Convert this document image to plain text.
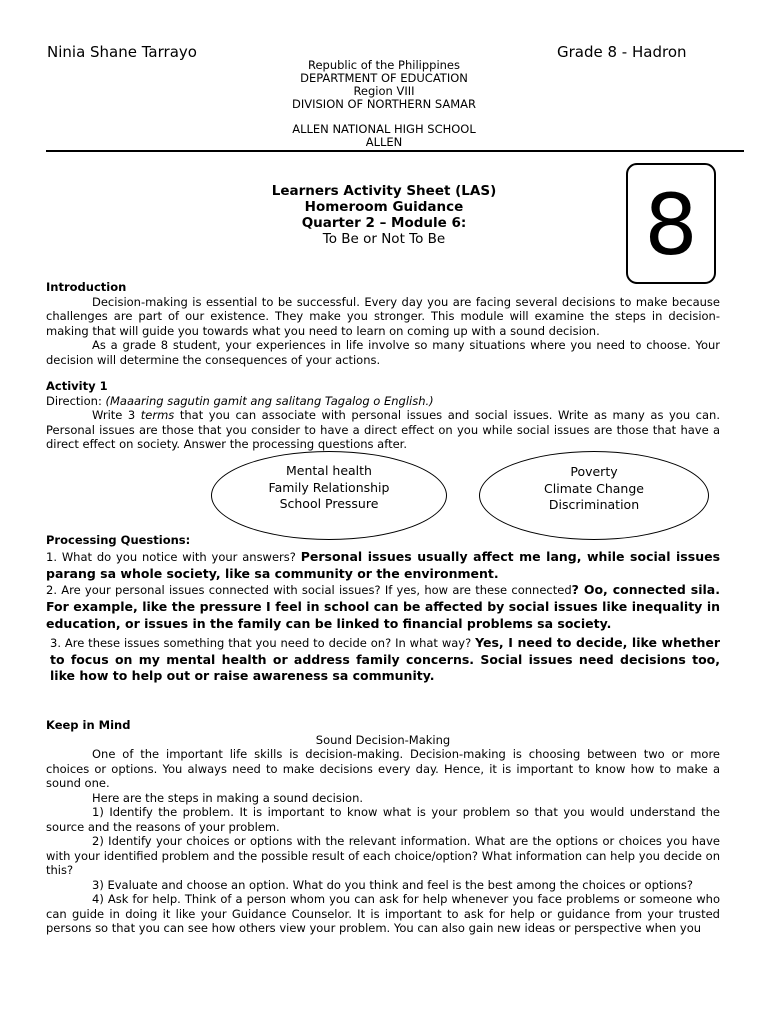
Ninia Shane Tarrayo	Grade 8 - Hadron
Republic of the Philippines
DEPARTMENT OF EDUCATION
Region VIII
DIVISION OF NORTHERN SAMAR
ALLEN NATIONAL HIGH SCHOOL
ALLEN
Learners Activity Sheet (LAS)
Homeroom Guidance
Quarter 2 – Module 6:
To Be or Not To Be	8

Introduction

Decision-making is essential to be successful. Every day you are facing several decisions to make because challenges are part of our existence. They make you stronger. This module will examine the steps in decision-making that will guide you towards what you need to learn on coming up with a sound decision.

As a grade 8 student, your experiences in life involve so many situations where you need to choose. Your decision will determine the consequences of your actions.

Activity 1

Direction: (Maaaring sagutin gamit ang salitang Tagalog o English.)

Write 3 terms that you can associate with personal issues and social issues. Write as many as you can. Personal issues are those that you consider to have a direct effect on you while social issues are those that have a direct effect on society. Answer the processing questions after.

Mental health
Family Relationship
School Pressure
Poverty
Climate Change
Discrimination

Processing Questions:

1. What do you notice with your answers? Personal issues usually affect me lang, while social issues parang sa whole society, like sa community or the environment.

2. Are your personal issues connected with social issues? If yes, how are these connected? Oo, connected sila. For example, like the pressure I feel in school can be affected by social issues like inequality in education, or issues in the family can be linked to financial problems sa society.

3. Are these issues something that you need to decide on? In what way? Yes, I need to decide, like whether to focus on my mental health or address family concerns. Social issues need decisions too, like how to help out or raise awareness sa community.

Keep in Mind

Sound Decision-Making

One of the important life skills is decision-making. Decision-making is choosing between two or more choices or options. You always need to make decisions every day. Hence, it is important to know how to make a sound one.

Here are the steps in making a sound decision.

1) Identify the problem. It is important to know what is your problem so that you would understand the source and the reasons of your problem.

2) Identify your choices or options with the relevant information. What are the options or choices you have with your identified problem and the possible result of each choice/option? What information can help you decide on this?

3) Evaluate and choose an option. What do you think and feel is the best among the choices or options?

4) Ask for help. Think of a person whom you can ask for help whenever you face problems or someone who can guide in doing it like your Guidance Counselor. It is important to ask for help or guidance from your trusted persons so that you can see how others view your problem. You can also gain new ideas or perspective when you
